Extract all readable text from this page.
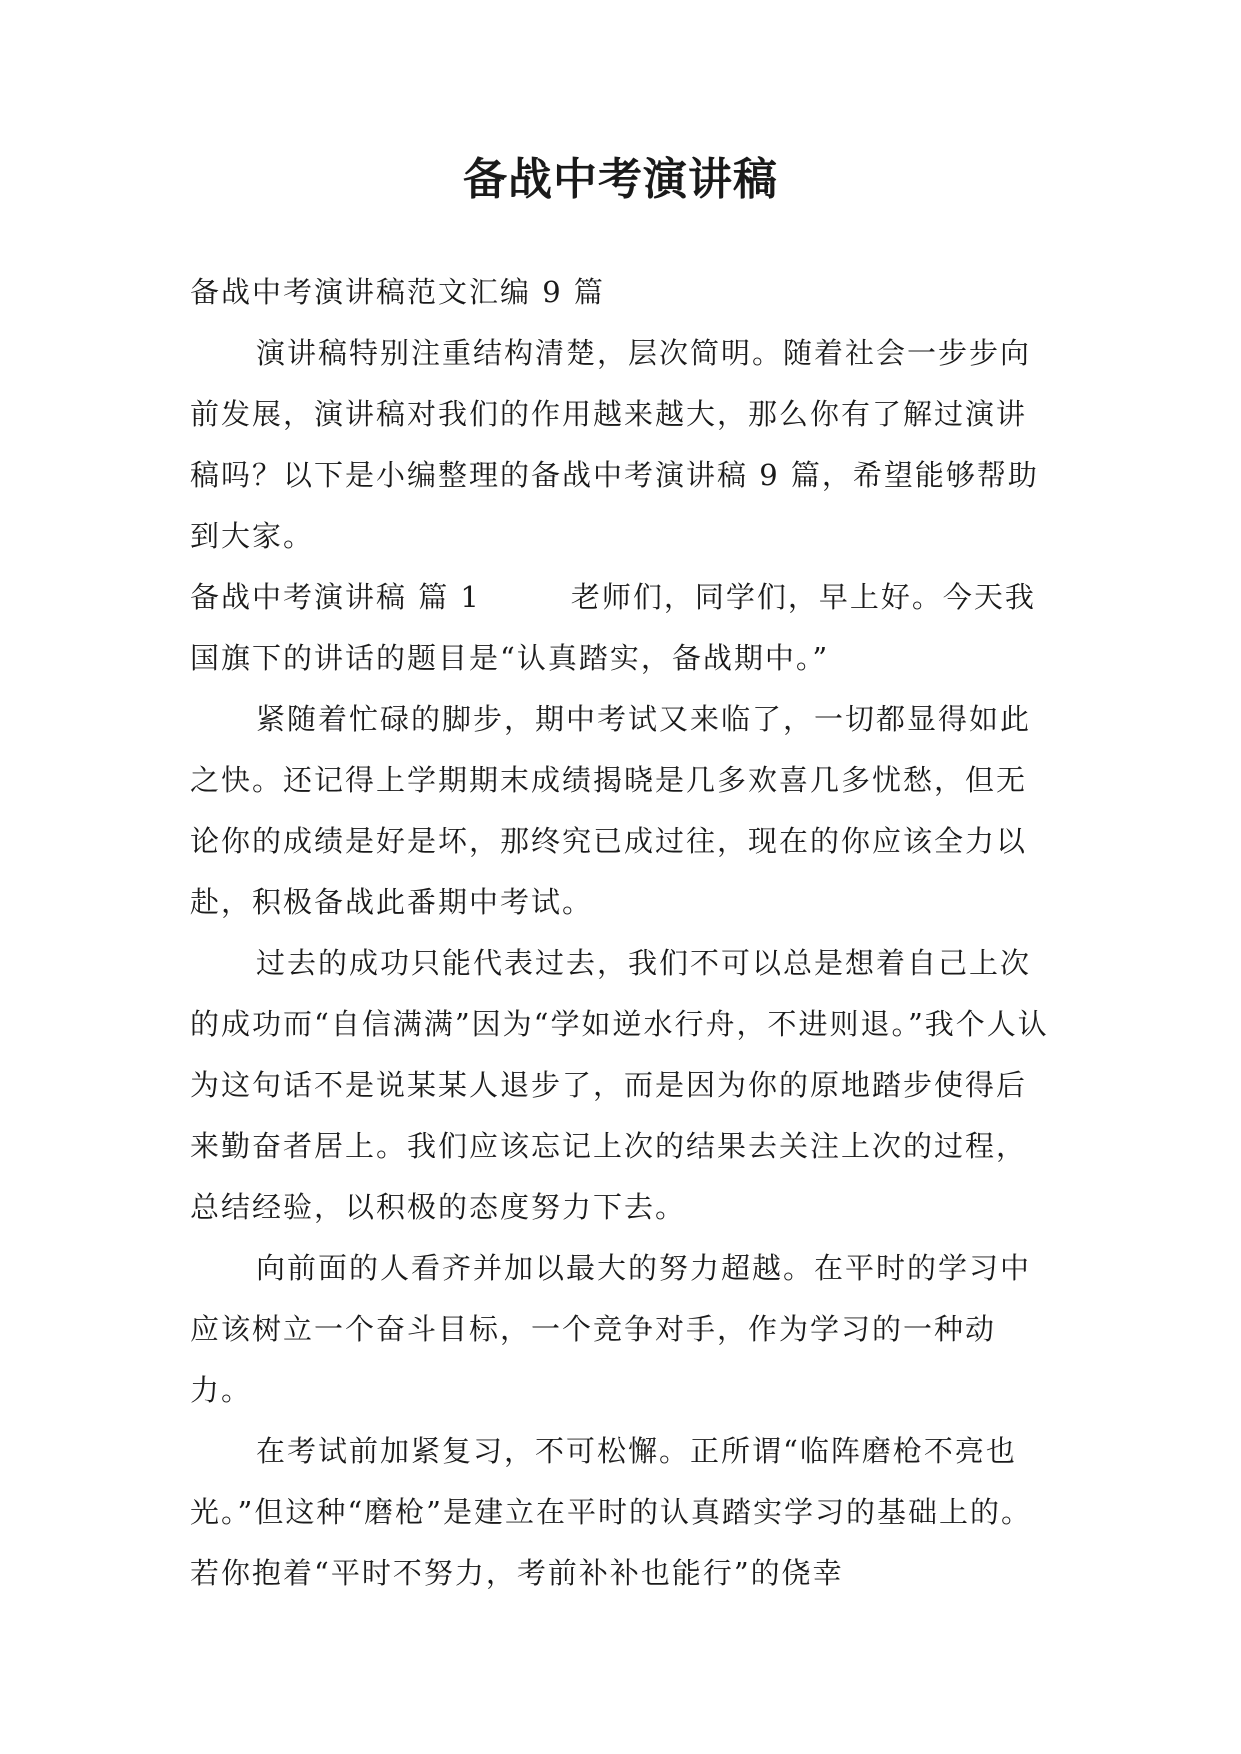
备战中考演讲稿

备战中考演讲稿范文汇编 9 篇

演讲稿特别注重结构清楚，层次简明。随着社会一步步向前发展，演讲稿对我们的作用越来越大，那么你有了解过演讲稿吗？以下是小编整理的备战中考演讲稿 9 篇，希望能够帮助到大家。

备战中考演讲稿 篇 1	老师们，同学们，早上好。今天我国旗下的讲话的题目是“认真踏实，备战期中。”

紧随着忙碌的脚步，期中考试又来临了，一切都显得如此之快。还记得上学期期末成绩揭晓是几多欢喜几多忧愁，但无论你的成绩是好是坏，那终究已成过往，现在的你应该全力以赴，积极备战此番期中考试。

过去的成功只能代表过去，我们不可以总是想着自己上次的成功而“自信满满”因为“学如逆水行舟，不进则退。”我个人认为这句话不是说某某人退步了，而是因为你的原地踏步使得后来勤奋者居上。我们应该忘记上次的结果去关注上次的过程，总结经验，以积极的态度努力下去。

向前面的人看齐并加以最大的努力超越。在平时的学习中应该树立一个奋斗目标，一个竞争对手，作为学习的一种动力。

在考试前加紧复习，不可松懈。正所谓“临阵磨枪不亮也光。”但这种“磨枪”是建立在平时的认真踏实学习的基础上的。若你抱着“平时不努力，考前补补也能行”的侥幸
